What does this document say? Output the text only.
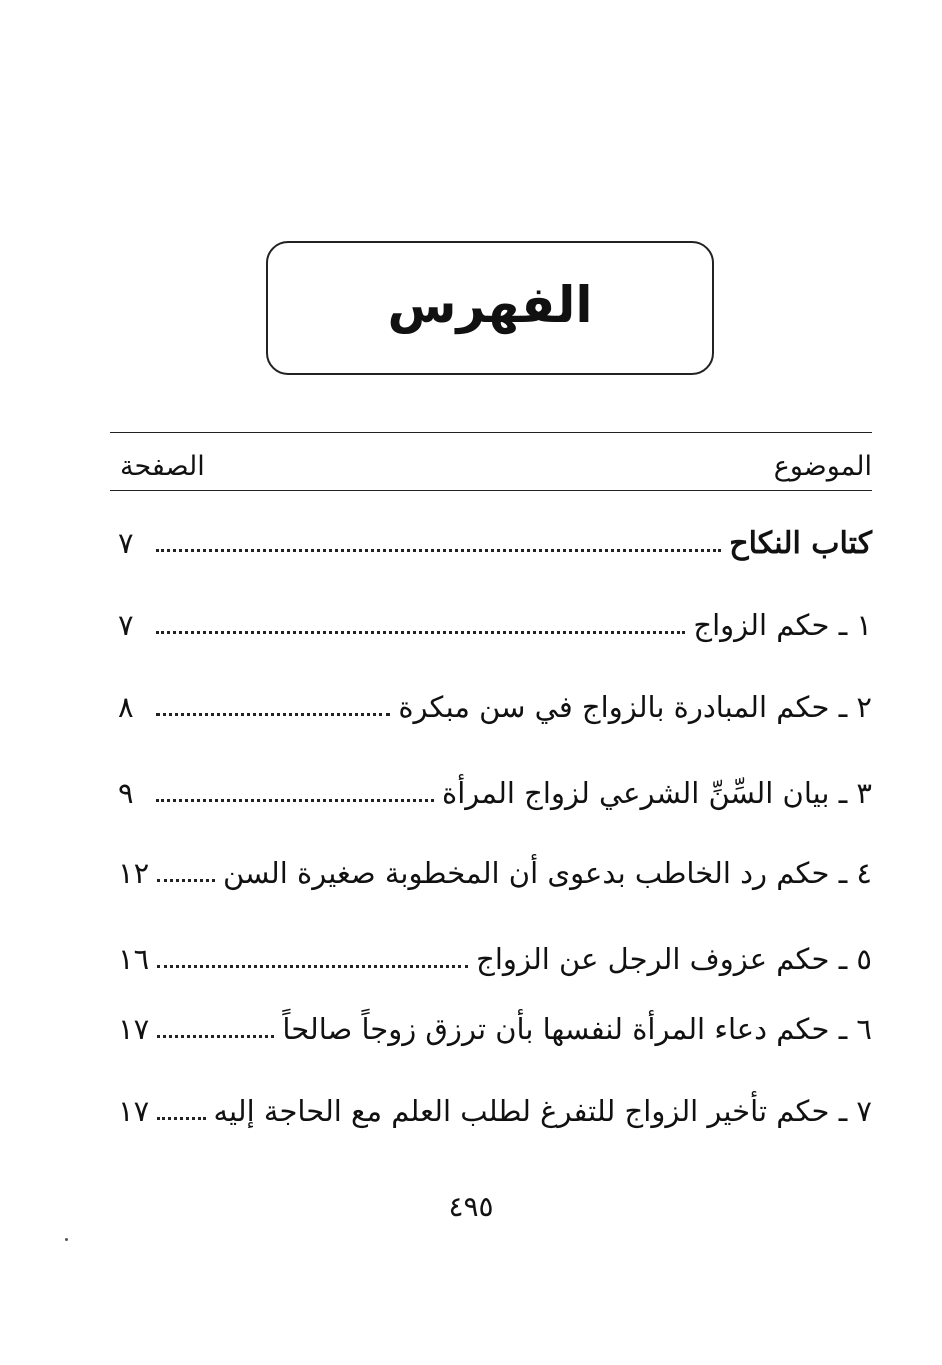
الفهرس
الموضوع
الصفحة
كتاب النكاح
٧
١ ـ حكم الزواج
٧
٢ ـ حكم المبادرة بالزواج في سن مبكرة
٨
٣ ـ بيان السِّنِّ الشرعي لزواج المرأة
٩
٤ ـ حكم رد الخاطب بدعوى أن المخطوبة صغيرة السن
١٢
٥ ـ حكم عزوف الرجل عن الزواج
١٦
٦ ـ حكم دعاء المرأة لنفسها بأن ترزق زوجاً صالحاً
١٧
٧ ـ حكم تأخير الزواج للتفرغ لطلب العلم مع الحاجة إليه
١٧
٤٩٥
